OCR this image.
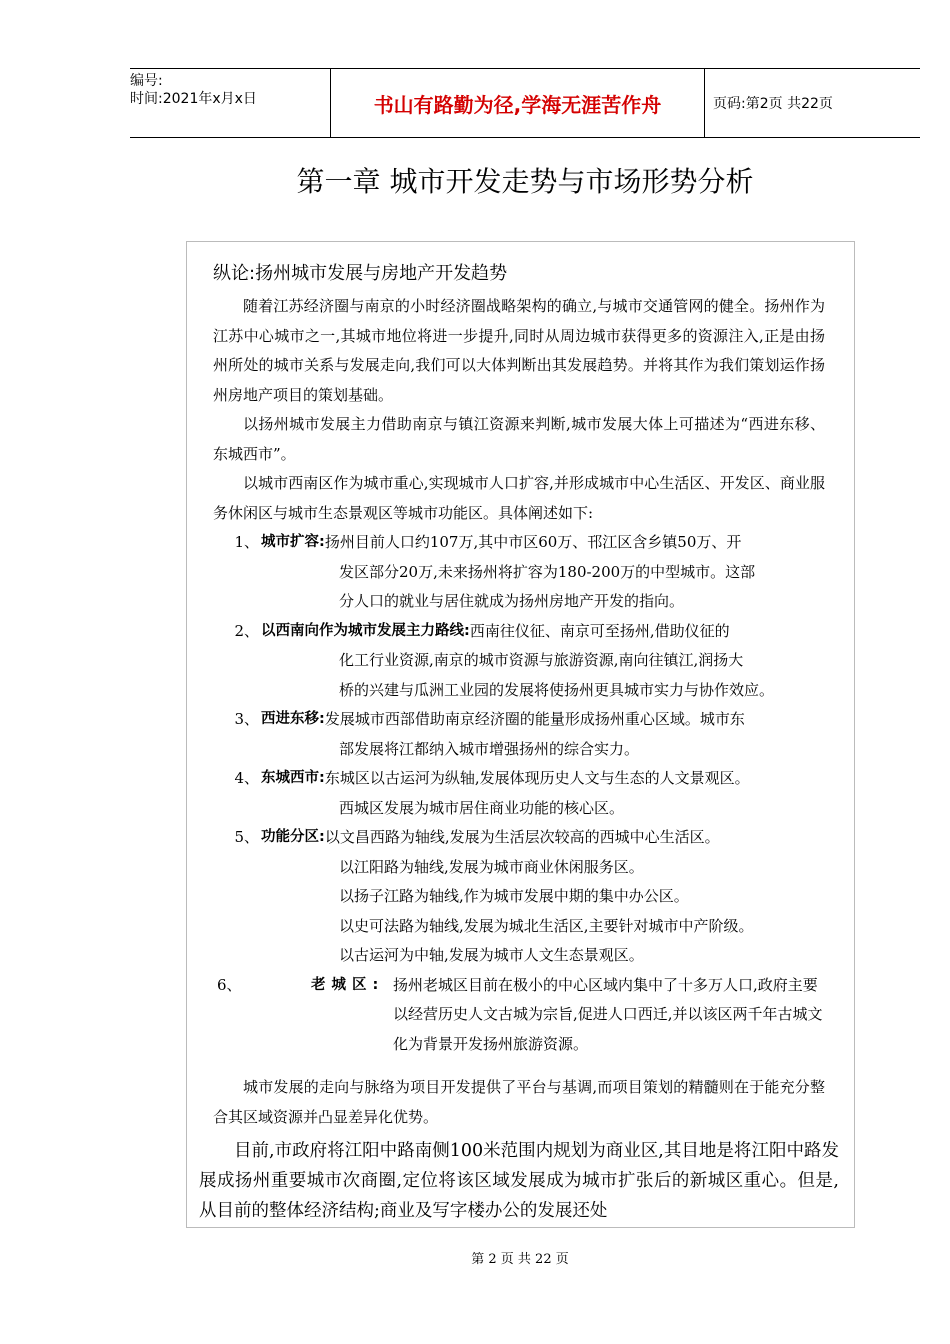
编号:
时间:2021年x月x日	书山有路勤为径,学海无涯苦作舟	页码:第2页 共22页
第一章 城市开发走势与市场形势分析
纵论:扬州城市发展与房地产开发趋势

随着江苏经济圈与南京的小时经济圈战略架构的确立,与城市交通管网的健全。扬州作为江苏中心城市之一,其城市地位将进一步提升,同时从周边城市获得更多的资源注入,正是由扬州所处的城市关系与发展走向,我们可以大体判断出其发展趋势。并将其作为我们策划运作扬州房地产项目的策划基础。

以扬州城市发展主力借助南京与镇江资源来判断,城市发展大体上可描述为“西进东移、东城西市”。

以城市西南区作为城市重心,实现城市人口扩容,并形成城市中心生活区、开发区、商业服务休闲区与城市生态景观区等城市功能区。具体阐述如下:

1、 城市扩容: 扬州目前人口约107万,其中市区60万、邗江区含乡镇50万、开
发区部分20万,未来扬州将扩容为180-200万的中型城市。这部
分人口的就业与居住就成为扬州房地产开发的指向。
2、 以西南向作为城市发展主力路线: 西南往仪征、南京可至扬州,借助仪征的
化工行业资源,南京的城市资源与旅游资源,南向往镇江,润扬大
桥的兴建与瓜洲工业园的发展将使扬州更具城市实力与协作效应。
3、 西进东移: 发展城市西部借助南京经济圈的能量形成扬州重心区域。城市东
部发展将江都纳入城市增强扬州的综合实力。
4、 东城西市: 东城区以古运河为纵轴,发展体现历史人文与生态的人文景观区。
西城区发展为城市居住商业功能的核心区。
5、 功能分区: 以文昌西路为轴线,发展为生活层次较高的西城中心生活区。
以江阳路为轴线,发展为城市商业休闲服务区。
以扬子江路为轴线,作为城市发展中期的集中办公区。
以史可法路为轴线,发展为城北生活区,主要针对城市中产阶级。
以古运河为中轴,发展为城市人文生态景观区。
6、	老城区: 扬州老城区目前在极小的中心区域内集中了十多万人口,政府主要以经营历史人文古城为宗旨,促进人口西迁,并以该区两千年古城文化为背景开发扬州旅游资源。

城市发展的走向与脉络为项目开发提供了平台与基调,而项目策划的精髓则在于能充分整合其区域资源并凸显差异化优势。

目前,市政府将江阳中路南侧100米范围内规划为商业区,其目地是将江阳中路发展成扬州重要城市次商圈,定位将该区域发展成为城市扩张后的新城区重心。但是,从目前的整体经济结构;商业及写字楼办公的发展还处

第 2 页 共 22 页
